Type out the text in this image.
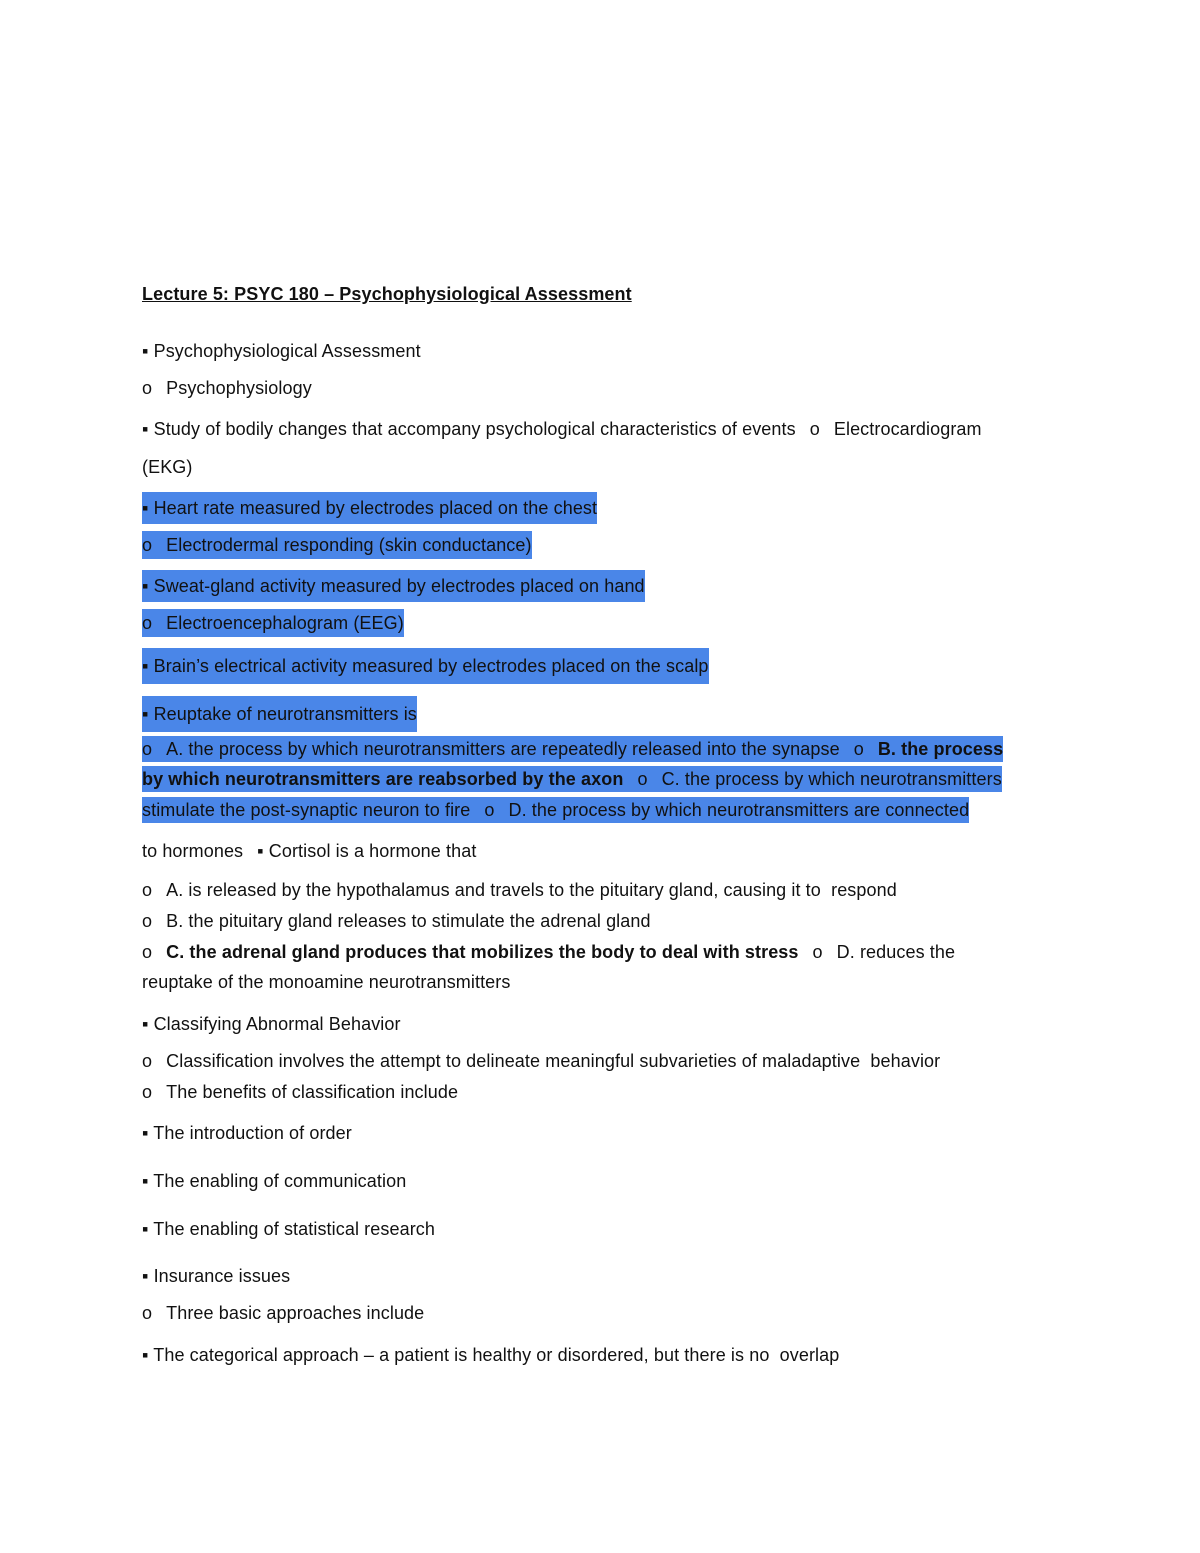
Lecture 5: PSYC 180 – Psychophysiological Assessment
▪ Psychophysiological Assessment
o Psychophysiology
▪ Study of bodily changes that accompany psychological characteristics of events o Electrocardiogram
(EKG)
▪ Heart rate measured by electrodes placed on the chest
o Electrodermal responding (skin conductance)
▪ Sweat-gland activity measured by electrodes placed on hand
o Electroencephalogram (EEG)
▪ Brain’s electrical activity measured by electrodes placed on the scalp
▪ Reuptake of neurotransmitters is
o A. the process by which neurotransmitters are repeatedly released into the synapse o B. the process
by which neurotransmitters are reabsorbed by the axon o C. the process by which neurotransmitters
stimulate the post-synaptic neuron to fire o D. the process by which neurotransmitters are connected
to hormones ▪ Cortisol is a hormone that
o A. is released by the hypothalamus and travels to the pituitary gland, causing it to  respond
o B. the pituitary gland releases to stimulate the adrenal gland
o C. the adrenal gland produces that mobilizes the body to deal with stress o D. reduces the
reuptake of the monoamine neurotransmitters
▪ Classifying Abnormal Behavior
o Classification involves the attempt to delineate meaningful subvarieties of maladaptive  behavior
o The benefits of classification include
▪ The introduction of order
▪ The enabling of communication
▪ The enabling of statistical research
▪ Insurance issues
o Three basic approaches include
▪ The categorical approach – a patient is healthy or disordered, but there is no  overlap
